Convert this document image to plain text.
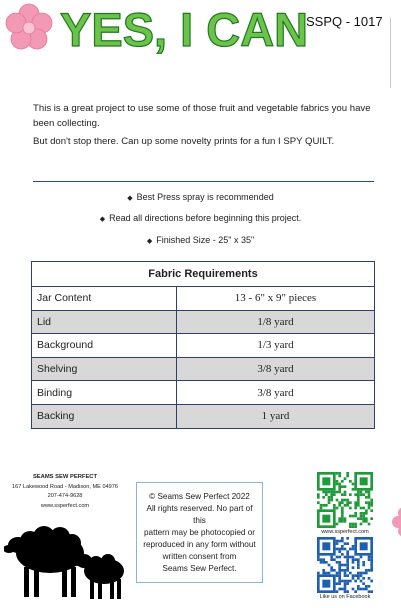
YES, I CAN
SSPQ - 1017

This is a great project to use some of those fruit and vegetable fabrics you have been collecting.

But don't stop there. Can up some novelty prints for a fun I SPY QUILT.

◆ Best Press spray is recommended
◆ Read all directions before beginning this project.
◆ Finished Size - 25" x 35"
Fabric Requirements	
Jar Content	13 - 6" x 9" pieces
Lid	1/8 yard
Background	1/3 yard
Shelving	3/8 yard
Binding	3/8 yard
Backing	1 yard
SEAMS SEW PERFECT
167 Lakewood Road - Madison, ME 04976
207-474-9628
www.ssperfect.com
© Seams Sew Perfect 2022
All rights reserved. No part of this
pattern may be photocopied or
reproduced in any form without
written consent from
Seams Sew Perfect.
www.ssperfect.com
Like us on Facebook
